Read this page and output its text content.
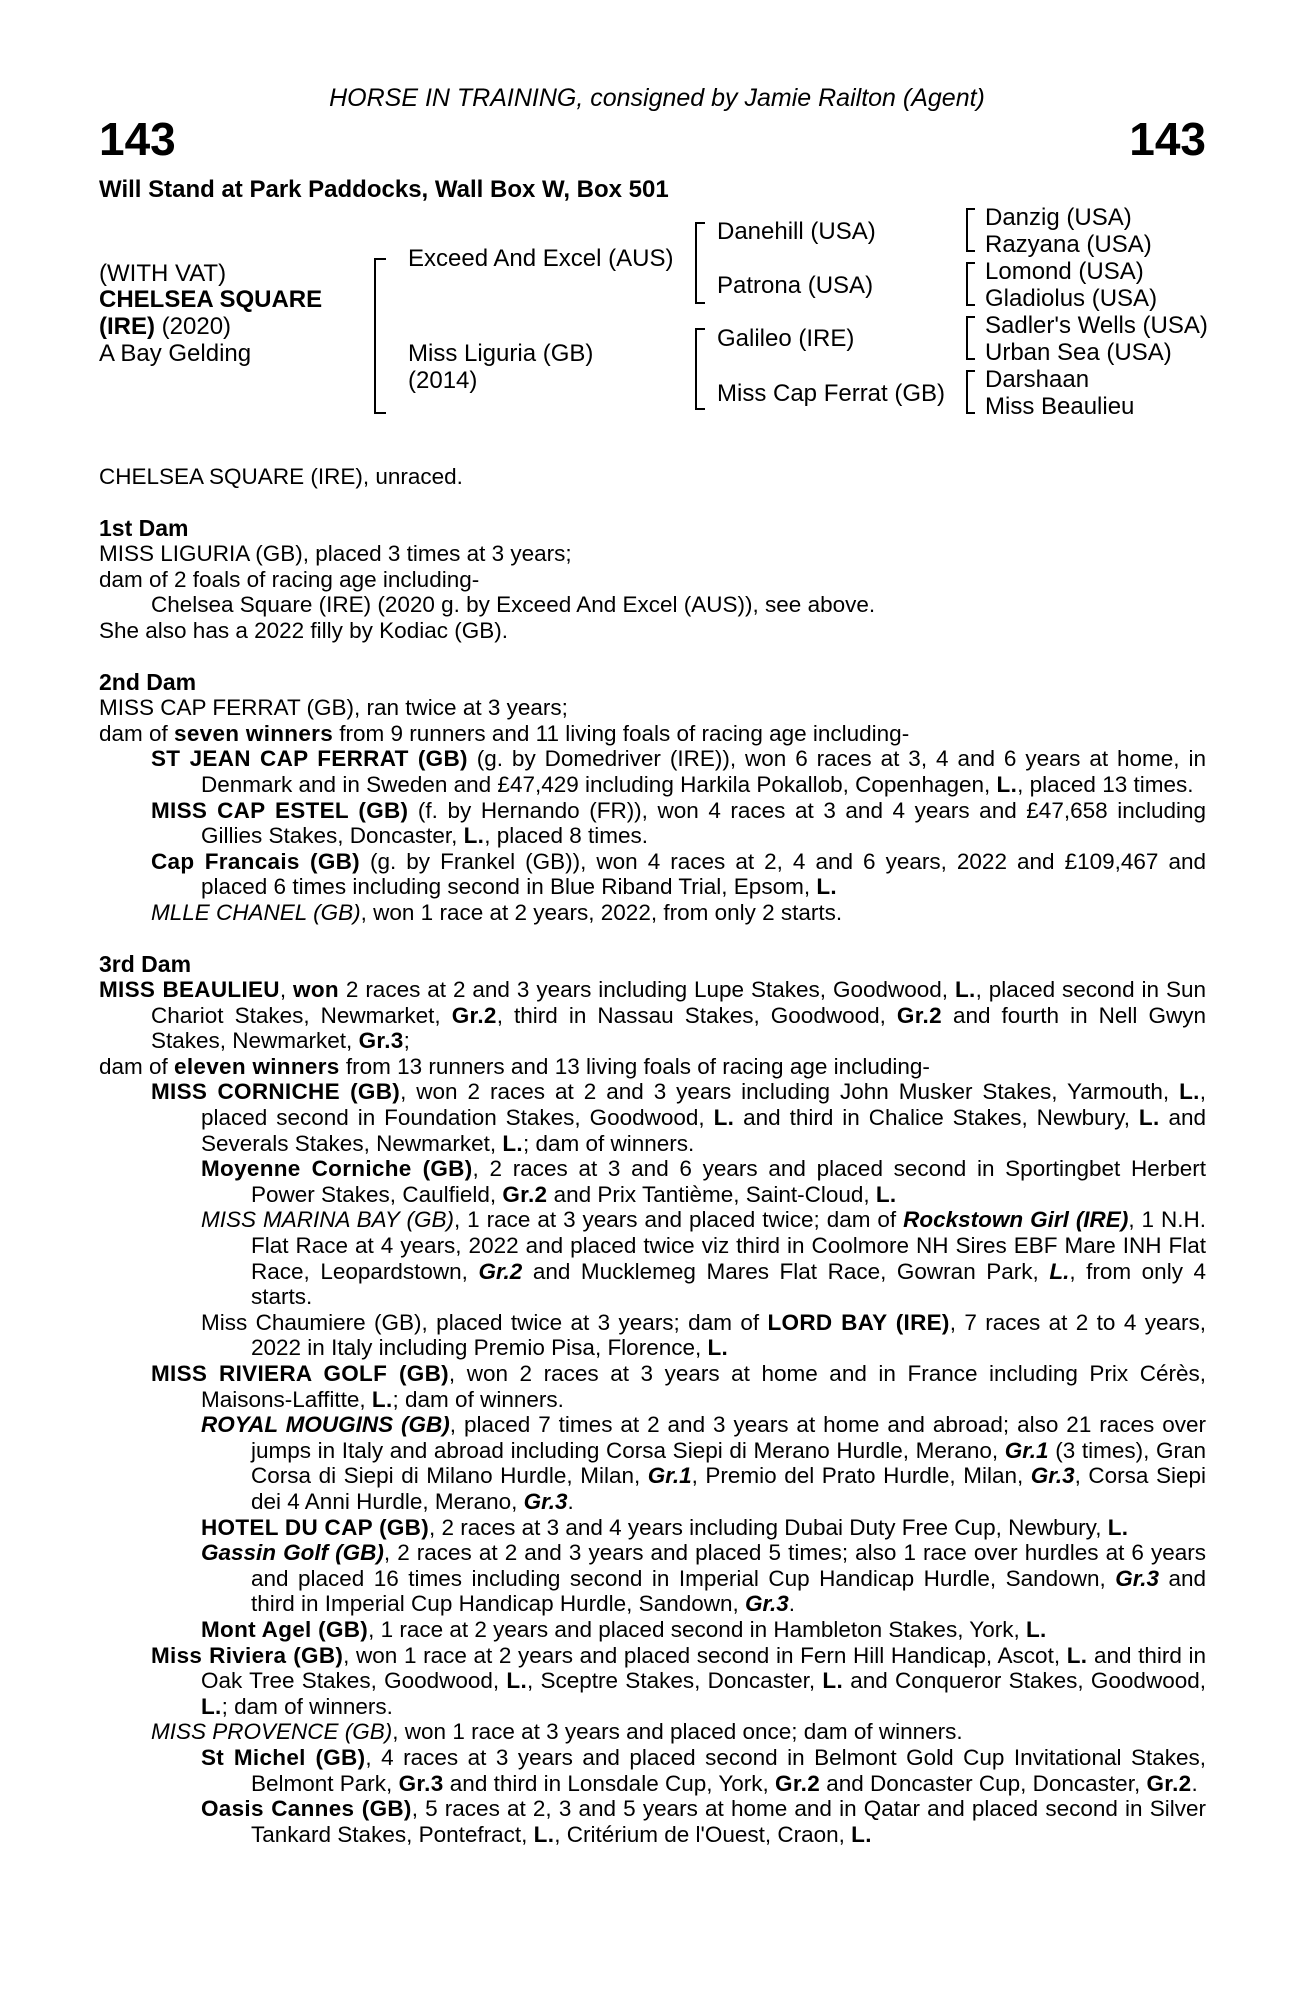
HORSE IN TRAINING, consigned by Jamie Railton (Agent)
143	143
Will Stand at Park Paddocks, Wall Box W, Box 501
(WITH VAT)
CHELSEA SQUARE
(IRE) (2020)
A Bay Gelding
Exceed And Excel (AUS)
Miss Liguria (GB)
(2014)
Danehill (USA)
Patrona (USA)
Galileo (IRE)
Miss Cap Ferrat (GB)
Danzig (USA)
Razyana (USA)
Lomond (USA)
Gladiolus (USA)
Sadler's Wells (USA)
Urban Sea (USA)
Darshaan
Miss Beaulieu

CHELSEA SQUARE (IRE), unraced.

1st Dam

MISS LIGURIA (GB), placed 3 times at 3 years;

dam of 2 foals of racing age including-

Chelsea Square (IRE) (2020 g. by Exceed And Excel (AUS)), see above.

She also has a 2022 filly by Kodiac (GB).

2nd Dam

MISS CAP FERRAT (GB), ran twice at 3 years;

dam of seven winners from 9 runners and 11 living foals of racing age including-

ST JEAN CAP FERRAT (GB) (g. by Domedriver (IRE)), won 6 races at 3, 4 and 6 years at home, in Denmark and in Sweden and £47,429 including Harkila Pokallob, Copenhagen, L., placed 13 times.

MISS CAP ESTEL (GB) (f. by Hernando (FR)), won 4 races at 3 and 4 years and £47,658 including Gillies Stakes, Doncaster, L., placed 8 times.

Cap Francais (GB) (g. by Frankel (GB)), won 4 races at 2, 4 and 6 years, 2022 and £109,467 and placed 6 times including second in Blue Riband Trial, Epsom, L.

MLLE CHANEL (GB), won 1 race at 2 years, 2022, from only 2 starts.

3rd Dam

MISS BEAULIEU, won 2 races at 2 and 3 years including Lupe Stakes, Goodwood, L., placed second in Sun Chariot Stakes, Newmarket, Gr.2, third in Nassau Stakes, Goodwood, Gr.2 and fourth in Nell Gwyn Stakes, Newmarket, Gr.3;

dam of eleven winners from 13 runners and 13 living foals of racing age including-

MISS CORNICHE (GB), won 2 races at 2 and 3 years including John Musker Stakes, Yarmouth, L., placed second in Foundation Stakes, Goodwood, L. and third in Chalice Stakes, Newbury, L. and Severals Stakes, Newmarket, L.; dam of winners.

Moyenne Corniche (GB), 2 races at 3 and 6 years and placed second in Sportingbet Herbert Power Stakes, Caulfield, Gr.2 and Prix Tantième, Saint-Cloud, L.

MISS MARINA BAY (GB), 1 race at 3 years and placed twice; dam of Rockstown Girl (IRE), 1 N.H. Flat Race at 4 years, 2022 and placed twice viz third in Coolmore NH Sires EBF Mare INH Flat Race, Leopardstown, Gr.2 and Mucklemeg Mares Flat Race, Gowran Park, L., from only 4 starts.

Miss Chaumiere (GB), placed twice at 3 years; dam of LORD BAY (IRE), 7 races at 2 to 4 years, 2022 in Italy including Premio Pisa, Florence, L.

MISS RIVIERA GOLF (GB), won 2 races at 3 years at home and in France including Prix Cérès, Maisons-Laffitte, L.; dam of winners.

ROYAL MOUGINS (GB), placed 7 times at 2 and 3 years at home and abroad; also 21 races over jumps in Italy and abroad including Corsa Siepi di Merano Hurdle, Merano, Gr.1 (3 times), Gran Corsa di Siepi di Milano Hurdle, Milan, Gr.1, Premio del Prato Hurdle, Milan, Gr.3, Corsa Siepi dei 4 Anni Hurdle, Merano, Gr.3.

HOTEL DU CAP (GB), 2 races at 3 and 4 years including Dubai Duty Free Cup, Newbury, L.

Gassin Golf (GB), 2 races at 2 and 3 years and placed 5 times; also 1 race over hurdles at 6 years and placed 16 times including second in Imperial Cup Handicap Hurdle, Sandown, Gr.3 and third in Imperial Cup Handicap Hurdle, Sandown, Gr.3.

Mont Agel (GB), 1 race at 2 years and placed second in Hambleton Stakes, York, L.

Miss Riviera (GB), won 1 race at 2 years and placed second in Fern Hill Handicap, Ascot, L. and third in Oak Tree Stakes, Goodwood, L., Sceptre Stakes, Doncaster, L. and Conqueror Stakes, Goodwood, L.; dam of winners.

MISS PROVENCE (GB), won 1 race at 3 years and placed once; dam of winners.

St Michel (GB), 4 races at 3 years and placed second in Belmont Gold Cup Invitational Stakes, Belmont Park, Gr.3 and third in Lonsdale Cup, York, Gr.2 and Doncaster Cup, Doncaster, Gr.2.

Oasis Cannes (GB), 5 races at 2, 3 and 5 years at home and in Qatar and placed second in Silver Tankard Stakes, Pontefract, L., Critérium de l'Ouest, Craon, L.
